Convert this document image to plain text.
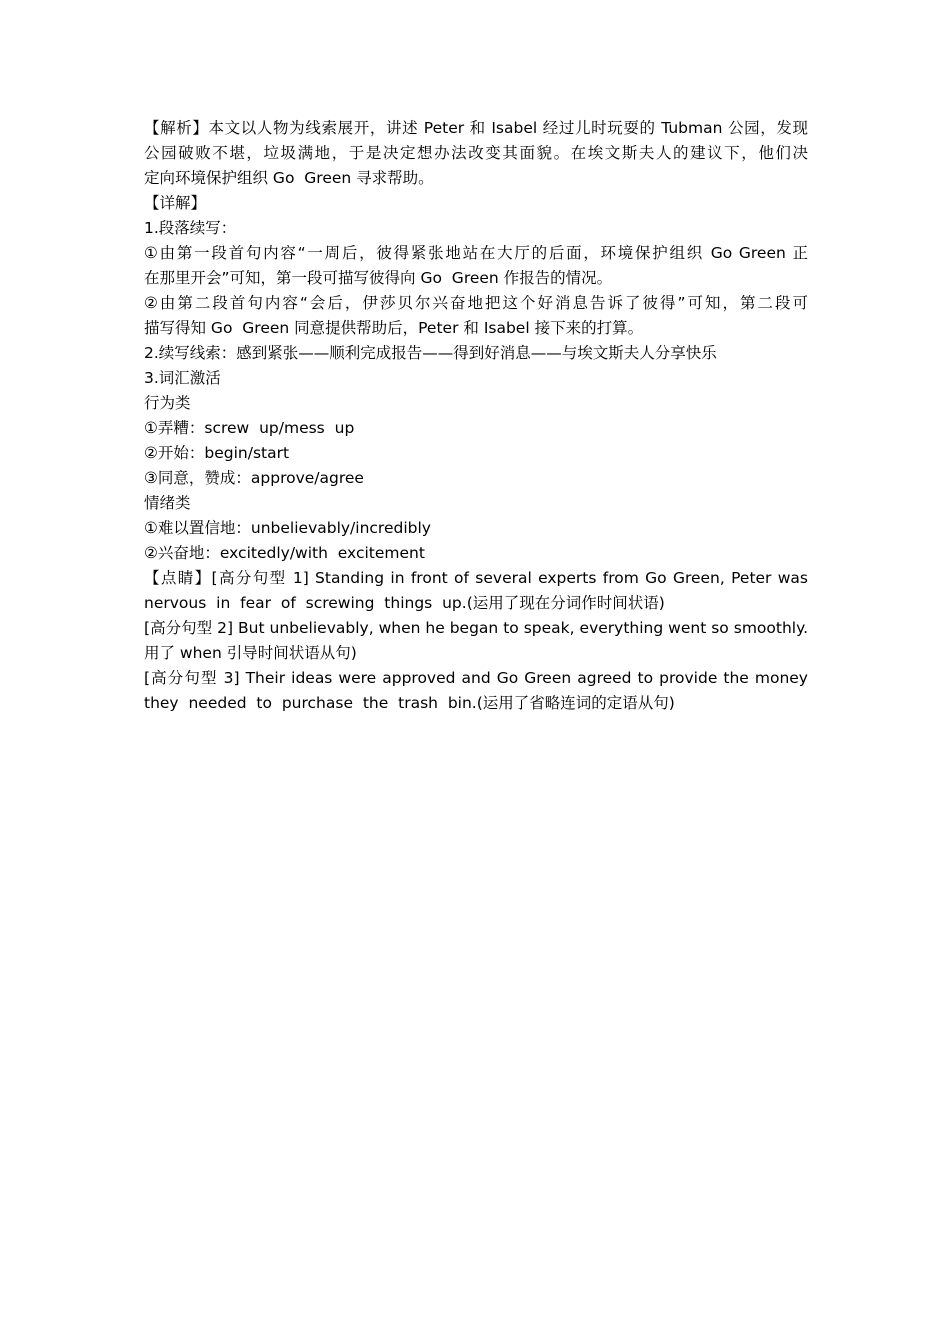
【解析】本文以人物为线索展开，讲述 Peter 和 Isabel 经过儿时玩耍的 Tubman 公园，发现
公园破败不堪，垃圾满地，于是决定想办法改变其面貌。在埃文斯夫人的建议下，他们决
定向环境保护组织 Go  Green 寻求帮助。
【详解】
1.段落续写：
①由第一段首句内容“一周后，彼得紧张地站在大厅的后面，环境保护组织 Go Green 正
在那里开会”可知，第一段可描写彼得向 Go  Green 作报告的情况。
②由第二段首句内容“会后，伊莎贝尔兴奋地把这个好消息告诉了彼得”可知，第二段可
描写得知 Go  Green 同意提供帮助后，Peter 和 Isabel 接下来的打算。
2.续写线索：感到紧张——顺利完成报告——得到好消息——与埃文斯夫人分享快乐
3.词汇激活
行为类
①弄糟：screw  up/mess  up
②开始：begin/start
③同意，赞成：approve/agree
情绪类
①难以置信地：unbelievably/incredibly
②兴奋地：excitedly/with  excitement
【点睛】[高分句型 1] Standing in front of several experts from Go Green, Peter was
nervous  in  fear  of  screwing  things  up.(运用了现在分词作时间状语)
[高分句型 2] But unbelievably, when he began to speak, everything went so smoothly.
用了 when 引导时间状语从句)
[高分句型 3] Their ideas were approved and Go Green agreed to provide the money
they  needed  to  purchase  the  trash  bin.(运用了省略连词的定语从句)
